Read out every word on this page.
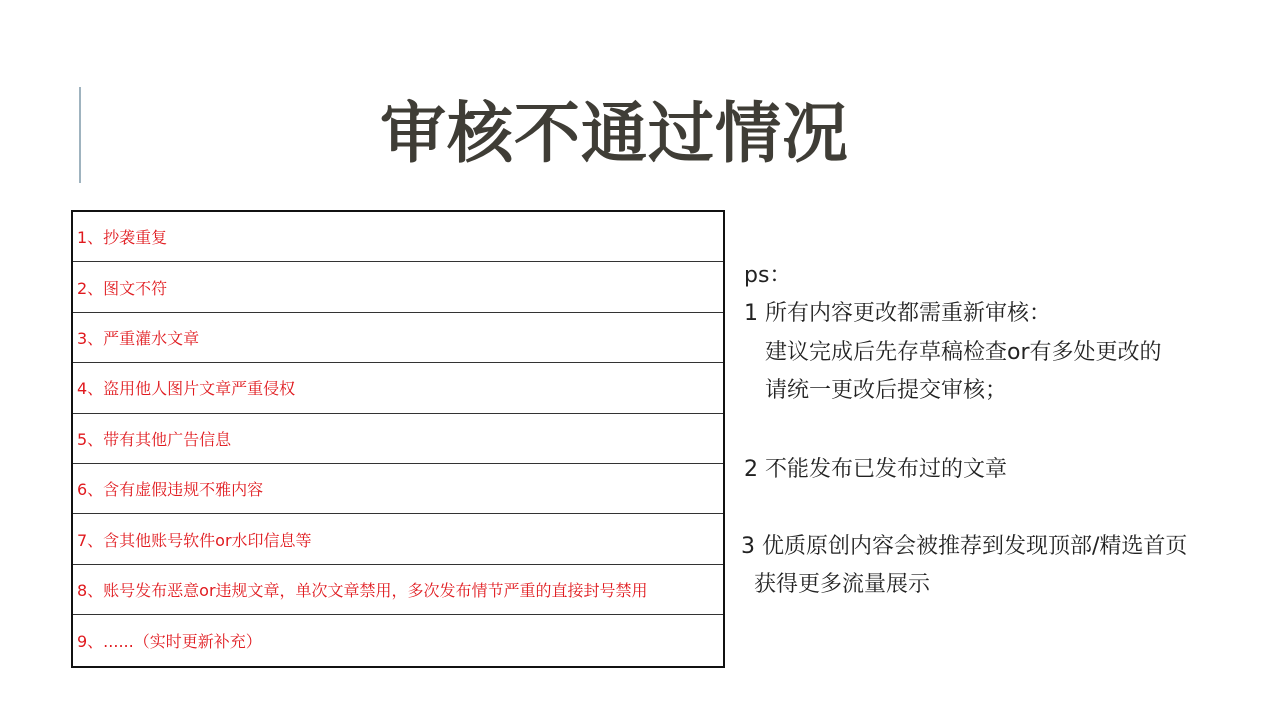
审核不通过情况
1、抄袭重复
2、图文不符
3、严重灌水文章
4、盗用他人图片文章严重侵权
5、带有其他广告信息
6、含有虚假违规不雅内容
7、含其他账号软件or水印信息等
8、账号发布恶意or违规文章，单次文章禁用，多次发布情节严重的直接封号禁用
9、......（实时更新补充）
ps：
1 所有内容更改都需重新审核：
建议完成后先存草稿检查or有多处更改的
请统一更改后提交审核；
2 不能发布已发布过的文章
3 优质原创内容会被推荐到发现顶部/精选首页
获得更多流量展示
